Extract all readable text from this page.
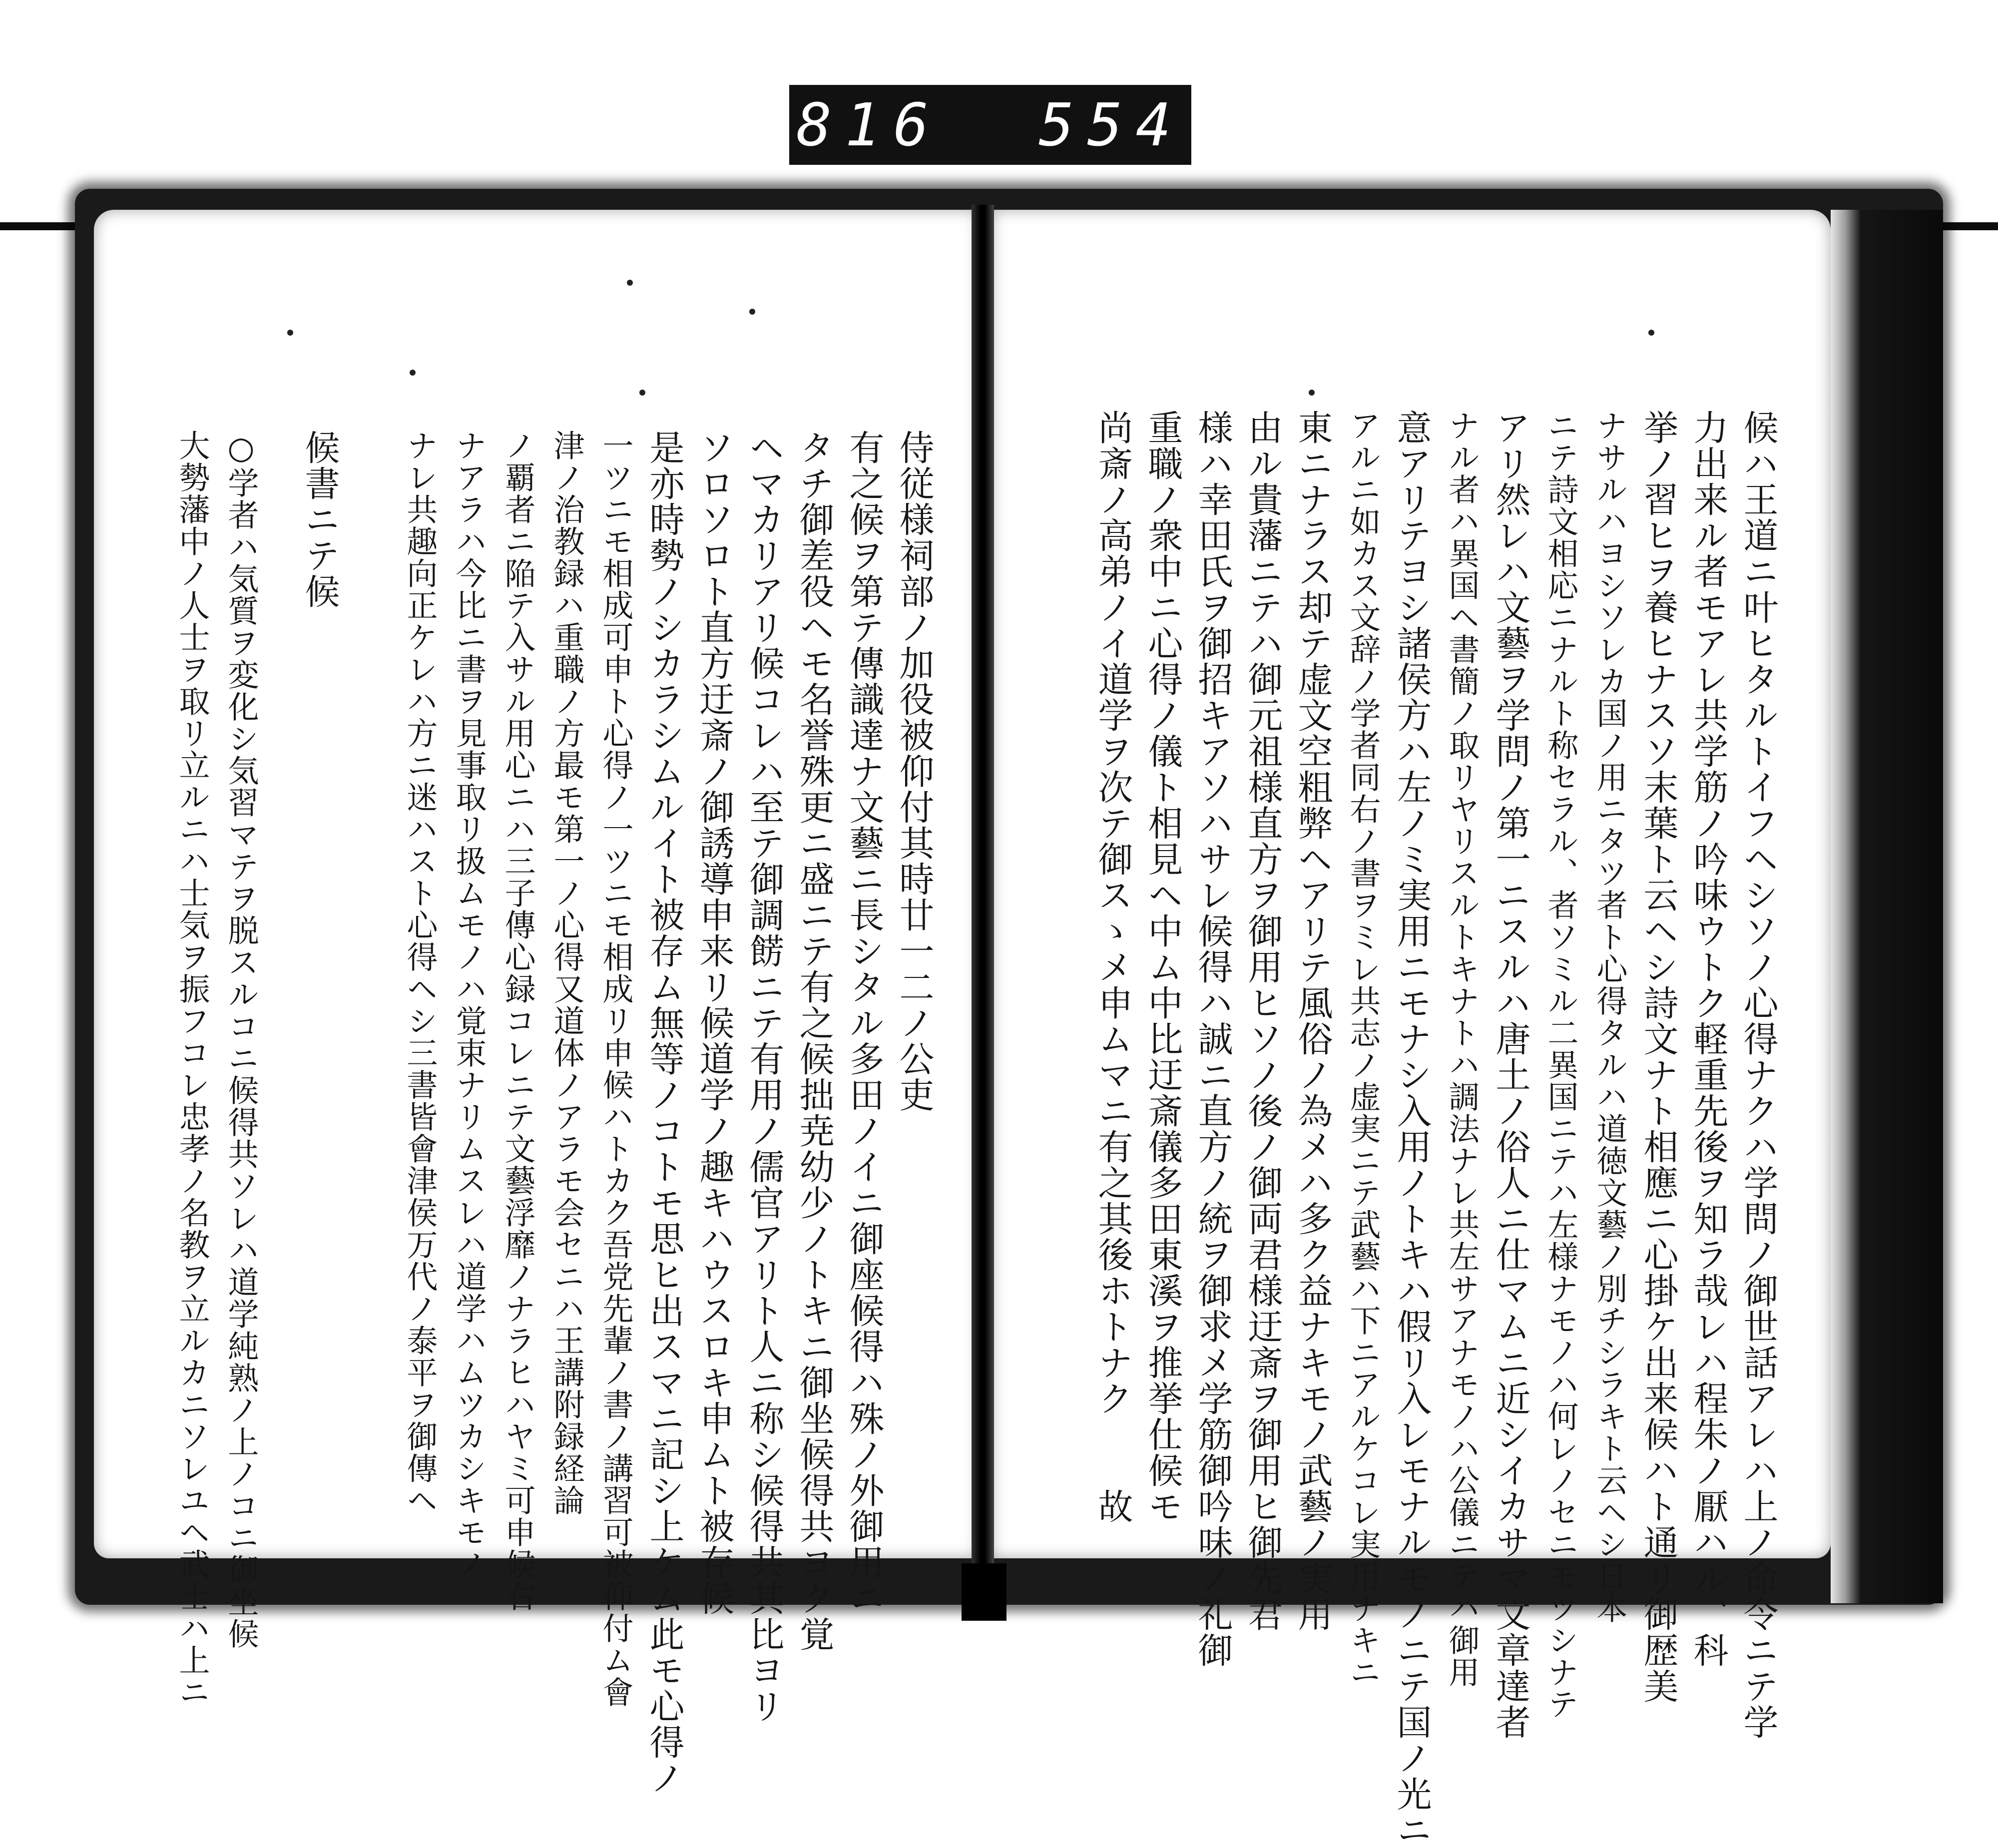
816  554
候ハ王道ニ叶ヒタルトイフヘシソノ心得ナクハ学問ノ御世話アレハ上ノ命令ニテ学
力出来ル者モアレ共学筋ノ吟味ウトク軽重先後ヲ知ラ哉レハ程朱ノ厭ハル、科
挙ノ習ヒヲ養ヒナスソ末葉ト云ヘシ詩文ナト相應ニ心掛ケ出来候ハト通リ御歴美
ナサルハヨシソレカ国ノ用ニタツ者ト心得タルハ道徳文藝ノ別チシラキト云ヘシ日本
ニテ詩文相応ニナルト称セラル、者ソミル二異国ニテハ左様ナモノハ何レノセニモツシナテ
アリ然レハ文藝ヲ学問ノ第一ニスルハ唐土ノ俗人ニ仕マムニ近シイカサマ文章達者
ナル者ハ異国ヘ書簡ノ取リヤリスルトキナトハ調法ナレ共左サアナモノハ公儀ニテハ御用
意アリテヨシ諸侯方ハ左ノミ実用ニモナシ入用ノトキハ假リ入レモナルモノニテ国ノ光ニ
アルニ如カス文辞ノ学者同右ノ書ヲミレ共志ノ虚実ニテ武藝ハ下ニアルケコレ実用ナキニ
東ニナラス却テ虚文空粗弊ヘアリテ風俗ノ為メハ多ク益ナキモノ武藝ノ実用
由ル貴藩ニテハ御元祖様直方ヲ御用ヒソノ後ノ御両君様迂斎ヲ御用ヒ御先君
様ハ幸田氏ヲ御招キアソハサレ候得ハ誠ニ直方ノ統ヲ御求メ学筋御吟味ノ礼御
重職ノ衆中ニ心得ノ儀ト相見ヘ中ム中比迂斎儀多田東溪ヲ推挙仕候モ
尚斎ノ高弟ノイ道学ヲ次テ御スゝメ申ムマニ有之其後ホトナク　　故
侍従様祠部ノ加役被仰付其時廿一二ノ公吏
有之候ヲ第テ傳識達ナ文藝ニ長シタル多田ノイニ御座候得ハ殊ノ外御用ニ
タチ御差役ヘモ名誉殊更ニ盛ニテ有之候拙尭幼少ノトキニ御坐候得共ヨク覚
ヘマカリアリ候コレハ至テ御調餝ニテ有用ノ儒官アリト人ニ称シ候得共其比ヨリ
ソロソロト直方迂斎ノ御誘導申来リ候道学ノ趣キハウスロキ申ムト被存候
是亦時勢ノシカラシムルイト被存ム無等ノコトモ思ヒ出スマニ記シ上ケム此モ心得ノ
一ツニモ相成可申ト心得ノ一ツニモ相成リ申候ハトカク吾党先輩ノ書ノ講習可被仰付ム會
津ノ治教録ハ重職ノ方最モ第一ノ心得又道体ノアラモ会セニハ王講附録経論
ノ覇者ニ陥テ入サル用心ニハ三子傳心録コレニテ文藝浮靡ノナラヒハヤミ可申候右
ナアラハ今比ニ書ヲ見事取リ扱ムモノハ覚束ナリムスレハ道学ハムツカシキモノ
ナレ共趣向正ケレハ方ニ迷ハスト心得ヘシ三書皆會津侯万代ノ泰平ヲ御傳ヘ
候書ニテ候
○学者ハ気質ヲ変化シ気習マテヲ脱スルコニ候得共ソレハ道学純熟ノ上ノコニ御坐候
大勢藩中ノ人士ヲ取リ立ルニハ士気ヲ振フコレ忠孝ノ名教ヲ立ルカニソレユヘ武士ハ上ニ
